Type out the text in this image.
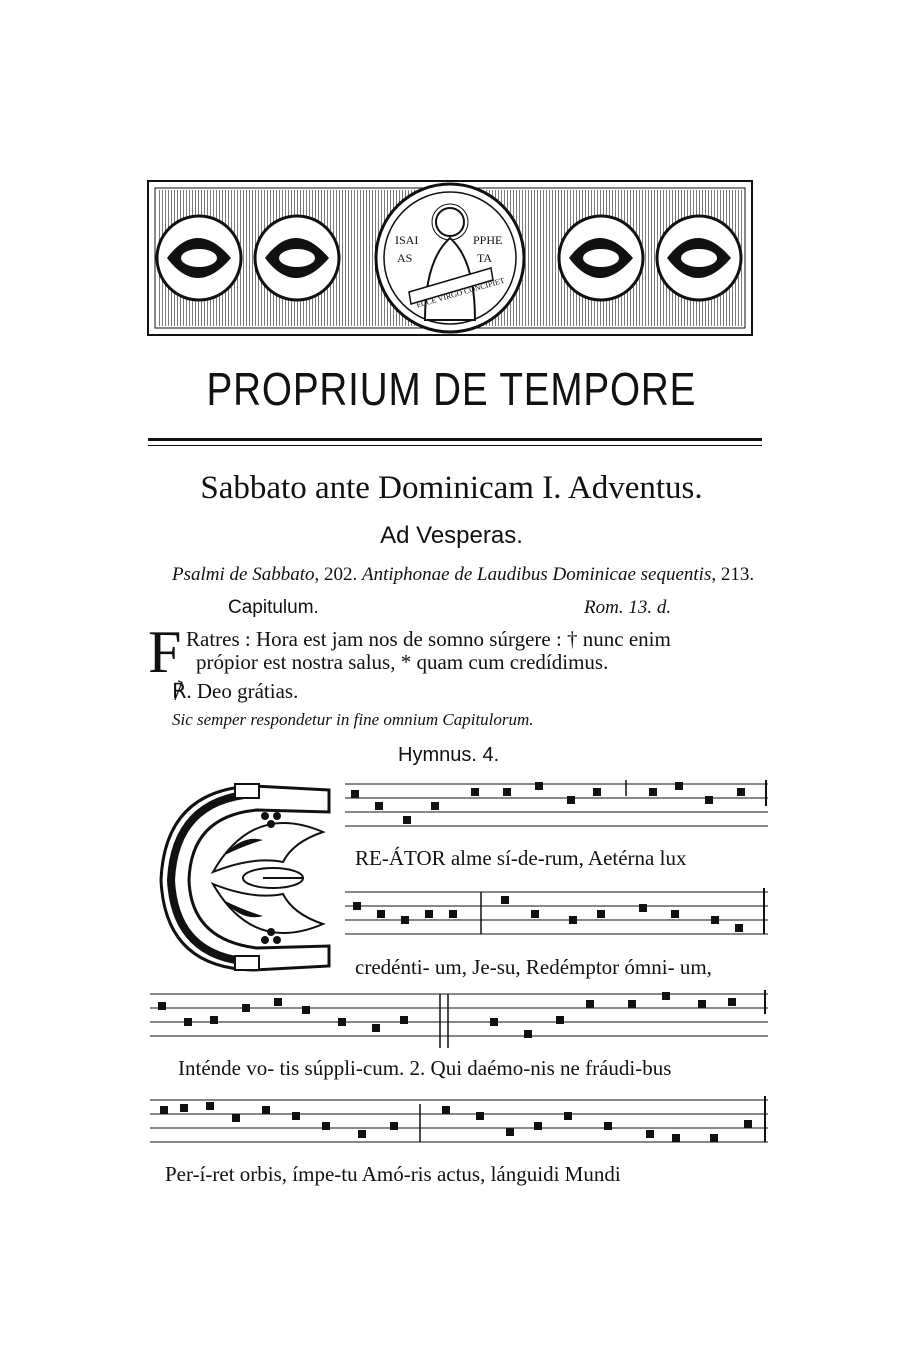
ISAI	PPHE
AS	TA
ECCE VIRGO CONCIPIET
PROPRIUM DE TEMPORE
Sabbato ante Dominicam I. Adventus.
Ad Vesperas.
Psalmi de Sabbato, 202. Antiphonae de Laudibus Dominicae sequentis, 213.
Capitulum.	Rom. 13. d.
F Ratres : Hora est jam nos de somno súrgere : † nunc enim
própior est nostra salus, * quam cum credídimus.
℟. Deo grátias.
Sic semper respondetur in fine omnium Capitulorum.
Hymnus. 4.
RE-ÁTOR alme sí-de-rum, Aetérna lux
credénti- um, Je-su, Redémptor ómni- um,
Inténde vo- tis súppli-cum. 2. Qui daémo-nis ne fráudi-bus
Per-í-ret orbis, ímpe-tu Amó-ris actus, lánguidi Mundi
